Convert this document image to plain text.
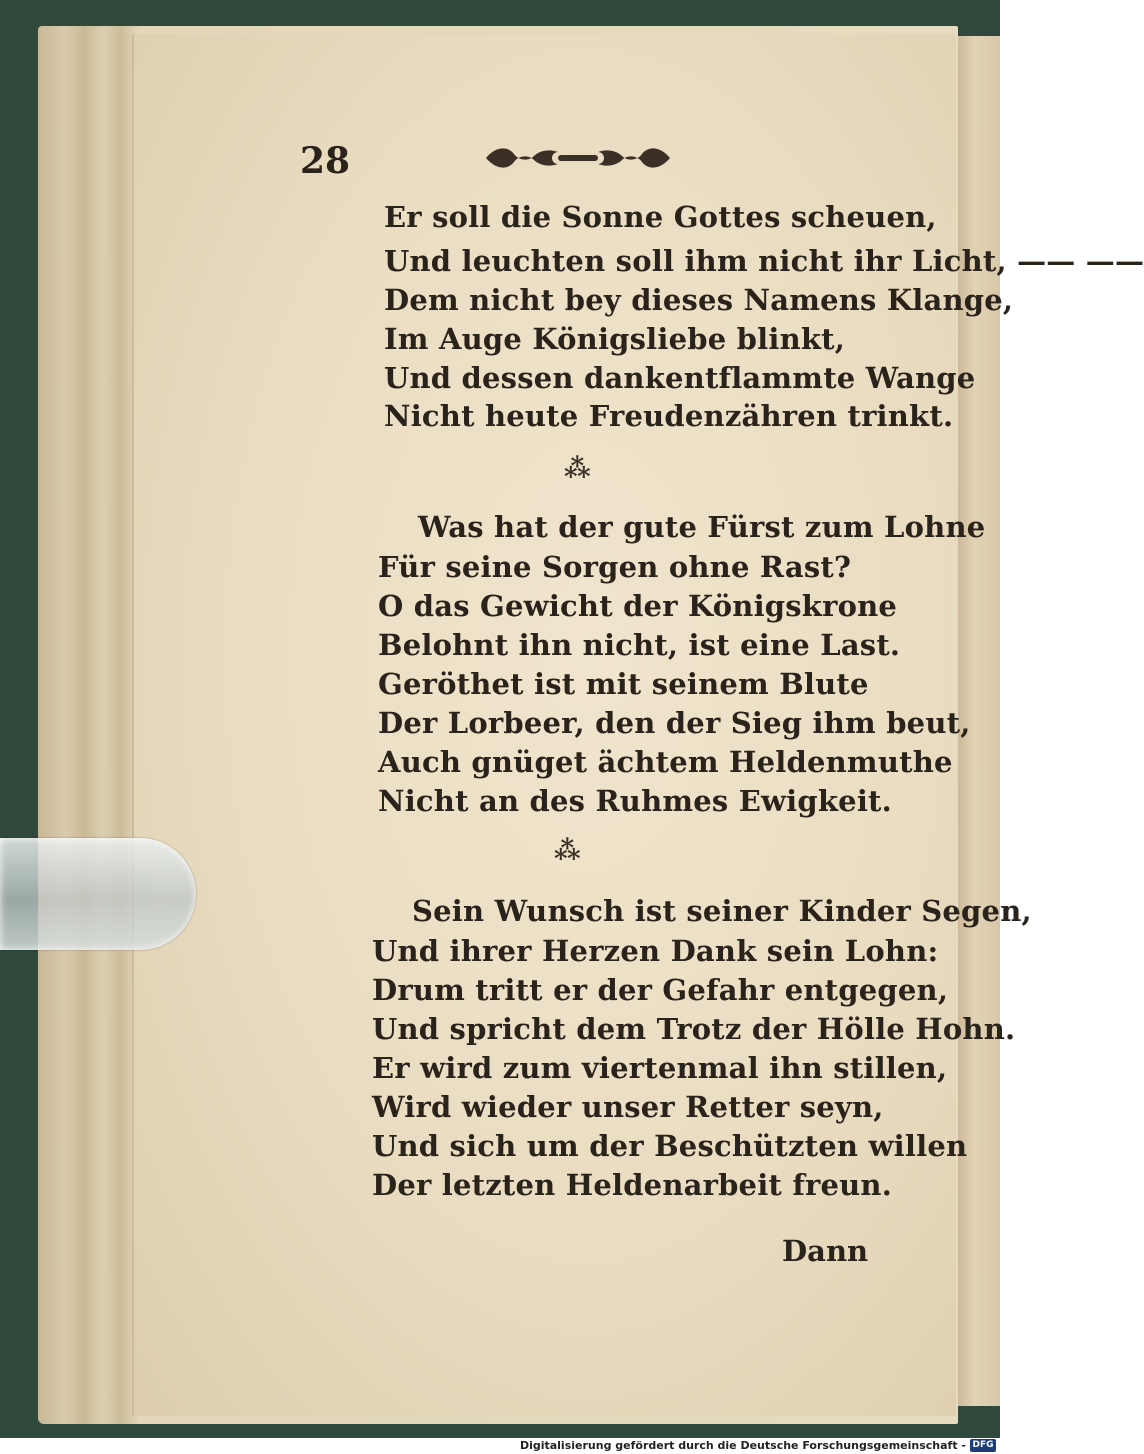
28
Er soll die Sonne Gottes scheuen,
Und leuchten soll ihm nicht ihr Licht, —— ——
Dem nicht bey dieses Namens Klange,
Im Auge Königsliebe blinkt,
Und dessen dankentflammte Wange
Nicht heute Freudenzähren trinkt.
⁂
Was hat der gute Fürst zum Lohne
Für seine Sorgen ohne Rast?
O das Gewicht der Königskrone
Belohnt ihn nicht, ist eine Last.
Geröthet ist mit seinem Blute
Der Lorbeer, den der Sieg ihm beut,
Auch gnüget ächtem Heldenmuthe
Nicht an des Ruhmes Ewigkeit.
⁂
Sein Wunsch ist seiner Kinder Segen,
Und ihrer Herzen Dank sein Lohn:
Drum tritt er der Gefahr entgegen,
Und spricht dem Trotz der Hölle Hohn.
Er wird zum viertenmal ihn stillen,
Wird wieder unser Retter seyn,
Und sich um der Beschützten willen
Der letzten Heldenarbeit freun.
Dann
Digitalisierung gefördert durch die Deutsche Forschungsgemeinschaft - DFG
